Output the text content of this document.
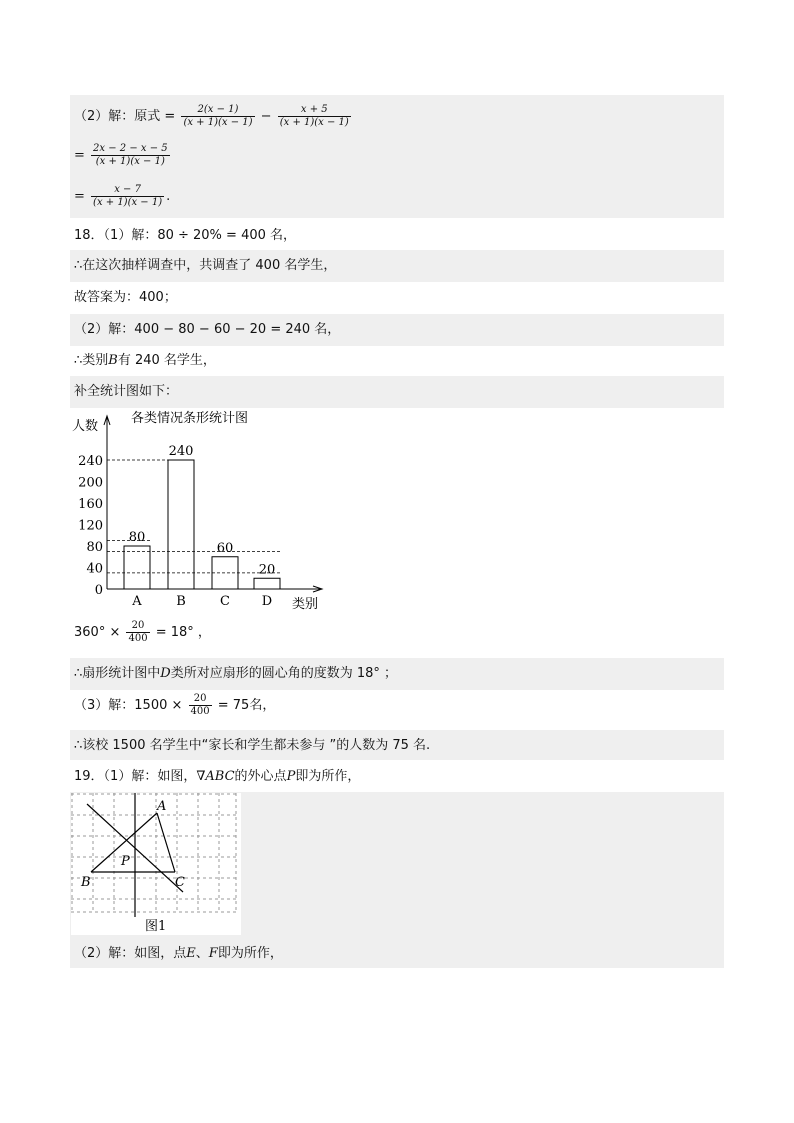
（2）解：原式 = $\frac{2(x - 1)}{(x + 1)(x - 1)} - \frac{x + 5}{(x + 1)(x - 1)}$
= $\frac{2x - 2 - x - 5}{(x + 1)(x - 1)}$
= $\frac{x - 7}{(x + 1)(x - 1)}$ .
18．（1）解：80 ÷ 20% = 400 名，
∴在这次抽样调查中，共调查了 400 名学生，
故答案为：400；
（2）解：400 − 80 − 60 − 20 = 240 名，
∴类别B有 240 名学生，
补全统计图如下：
人数
各类情况条形统计图
类别
0
40
80
120
160
200
240
80
A
240
B
60
C
20
D
$360^\circ \times \frac{20}{400} = 18^\circ$ ，
∴扇形统计图中D类所对应扇形的圆心角的度数为 18° ；
（3）解：$1500 \times \frac{20}{400} = 75$名，
∴该校 1500 名学生中“家长和学生都未参与 ”的人数为 75 名.
19．（1）解：如图，∇ABC的外心点P即为所作，
A
B	C
P
图1
（2）解：如图，点E、F即为所作，
